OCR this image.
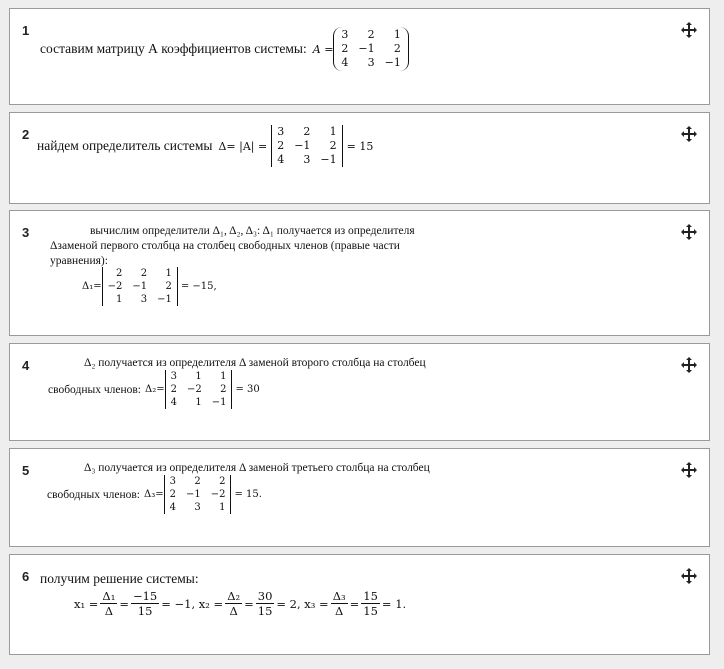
1
составим матрицу А коэффициентов системы: A =
3	2	1
2 −1	2
4	3 −1
2
найдем определитель системы Δ= |A| =
3	2	1
2 −1	2
4	3 −1
= 15
3	вычислим определители Δ₁, Δ₂, Δ₃: Δ₁ получается из определителя
Δзаменой первого столбца на столбец свободных членов (правые части
уравнения):
Δ₁=
2	2	1
−2 −1	2
1	3 −1
= −15,
4	Δ₂ получается из определителя Δ заменой второго столбца на столбец
свободных членов: Δ₂=
3	1	1
2 −2	2
4	1 −1
= 30
5	Δ₃ получается из определителя Δ заменой третьего столбца на столбец
свободных членов: Δ₃=
3	2	2
2 −1 −2
4	3	1
= 15.
6 получим решение системы:
$x_1 = \frac{\text{Δ₁}}{\Delta} = \frac{-15}{15} = -1$, $x_2 = \frac{\text{Δ₂}}{\Delta} = \frac{30}{15} = 2$, $x_3 = \frac{\text{Δ₃}}{\Delta} = \frac{15}{15} = 1$.
